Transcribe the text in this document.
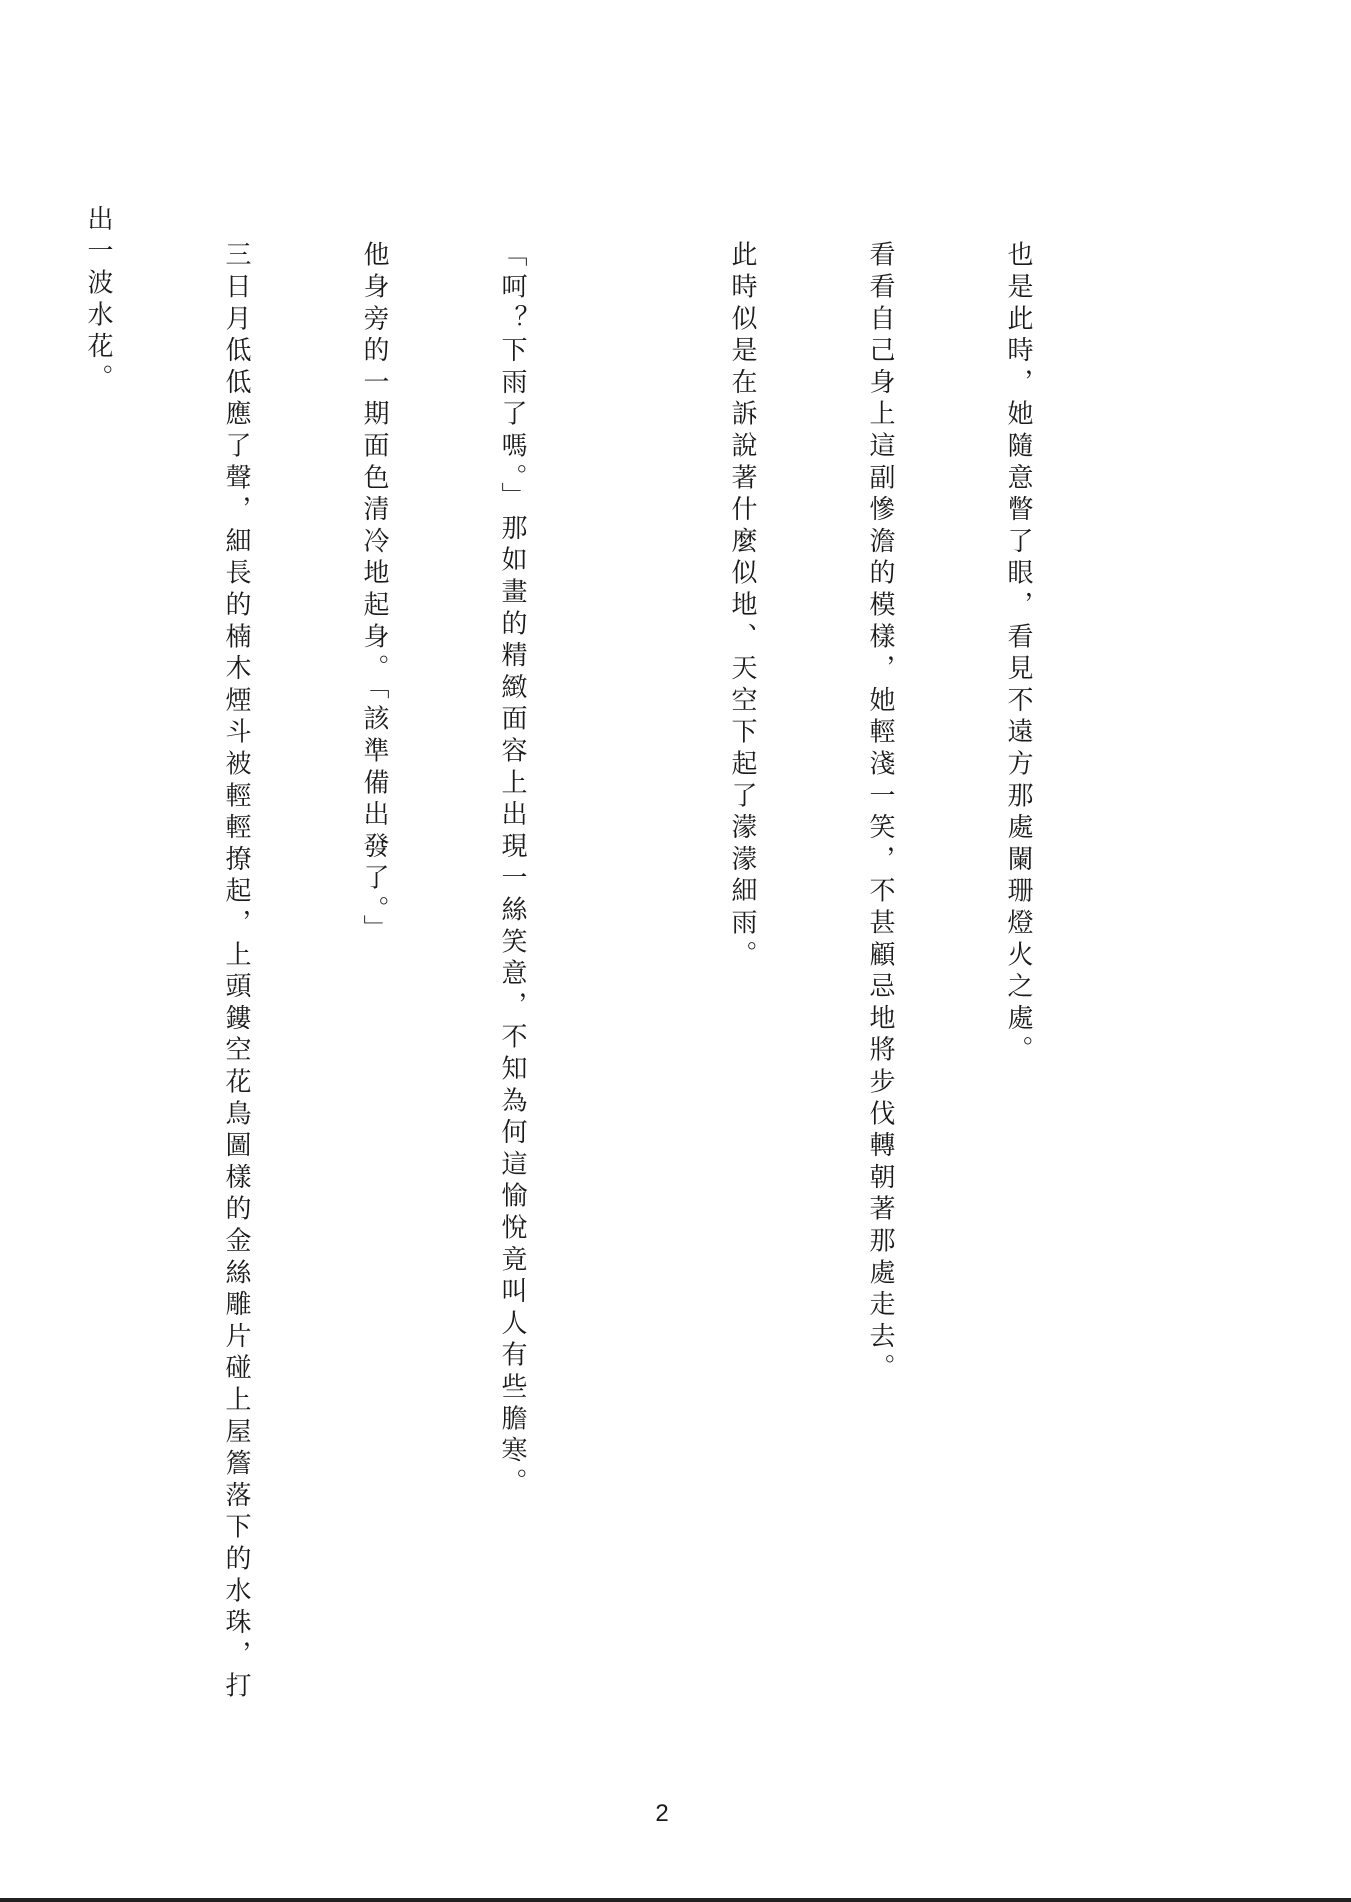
也是此時，她隨意瞥了眼，看見不遠方那處闌珊燈火之處。

看看自己身上這副慘澹的模樣，她輕淺一笑，不甚顧忌地將步伐轉朝著那處走去。

此時似是在訴說著什麼似地、天空下起了濛濛細雨。

「呵？下雨了嗎。」那如畫的精緻面容上出現一絲笑意，不知為何這愉悅竟叫人有些膽寒。

他身旁的一期面色清冷地起身。「該準備出發了。」

三日月低低應了聲，細長的楠木煙斗被輕輕撩起，上頭鏤空花鳥圖樣的金絲雕片碰上屋簷落下的水珠，打

出一波水花。

2
